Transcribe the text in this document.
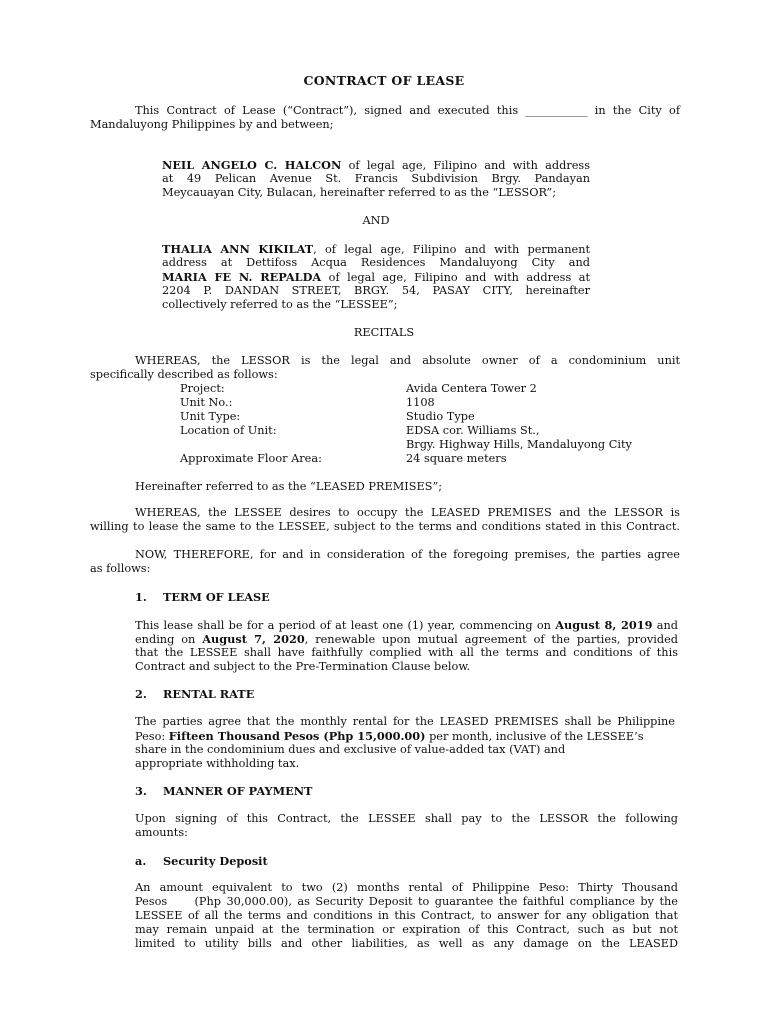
CONTRACT OF LEASE
This Contract of Lease (“Contract”), signed and executed this ___________ in the City of
Mandaluyong Philippines by and between;
NEIL ANGELO C. HALCON of legal age, Filipino and with address
at 49 Pelican Avenue St. Francis Subdivision Brgy. Pandayan
Meycauayan City, Bulacan, hereinafter referred to as the “LESSOR”;
AND
THALIA ANN KIKILAT, of legal age, Filipino and with permanent
address at Dettifoss Acqua Residences Mandaluyong City and
MARIA FE N. REPALDA of legal age, Filipino and with address at
2204 P. DANDAN STREET, BRGY. 54, PASAY CITY, hereinafter
collectively referred to as the “LESSEE”;
RECITALS
WHEREAS, the LESSOR is the legal and absolute owner of a condominium unit
specifically described as follows:
Project:	Avida Centera Tower 2
Unit No.:	1108
Unit Type:	Studio Type
Location of Unit:	EDSA cor. Williams St.,
Brgy. Highway Hills, Mandaluyong City
Approximate Floor Area:	24 square meters
Hereinafter referred to as the “LEASED PREMISES”;
WHEREAS, the LESSEE desires to occupy the LEASED PREMISES and the LESSOR is
willing to lease the same to the LESSEE, subject to the terms and conditions stated in this Contract.
NOW, THEREFORE, for and in consideration of the foregoing premises, the parties agree
as follows:
1. TERM OF LEASE
This lease shall be for a period of at least one (1) year, commencing on August 8, 2019 and
ending on August 7, 2020, renewable upon mutual agreement of the parties, provided
that the LESSEE shall have faithfully complied with all the terms and conditions of this
Contract and subject to the Pre-Termination Clause below.
2. RENTAL RATE
The parties agree that the monthly rental for the LEASED PREMISES shall be Philippine
Peso: Fifteen Thousand Pesos (Php 15,000.00) per month, inclusive of the LESSEE’s
share in the condominium dues and exclusive of value-added tax (VAT) and
appropriate withholding tax.
3. MANNER OF PAYMENT
Upon signing of this Contract, the LESSEE shall pay to the LESSOR the following
amounts:
a. Security Deposit
An amount equivalent to two (2) months rental of Philippine Peso: Thirty Thousand
Pesos     (Php 30,000.00), as Security Deposit to guarantee the faithful compliance by the
LESSEE of all the terms and conditions in this Contract, to answer for any obligation that
may remain unpaid at the termination or expiration of this Contract, such as but not
limited to utility bills and other liabilities, as well as any damage on the LEASED
